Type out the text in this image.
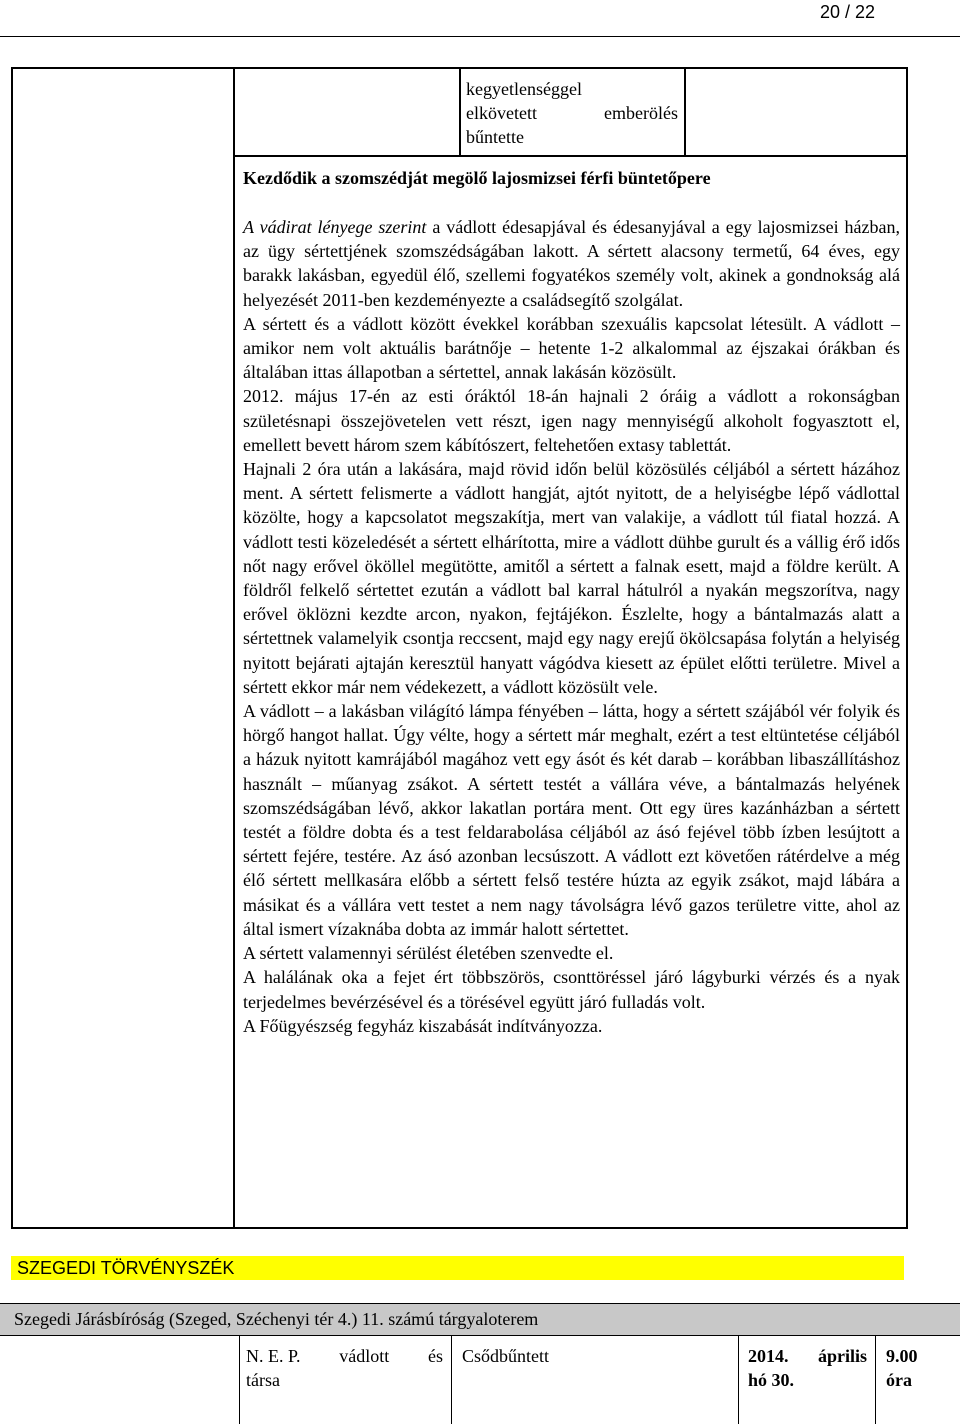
20 / 22
kegyetlenséggel
elkövetett	emberölés
bűntette
Kezdődik a szomszédját megölő lajosmizsei férfi büntetőpere

A vádirat lényege szerint a vádlott édesapjával és édesanyjával a egy lajosmizsei házban, az ügy sértettjének szomszédságában lakott. A sértett alacsony termetű, 64 éves, egy barakk lakásban, egyedül élő, szellemi fogyatékos személy volt, akinek a gondnokság alá helyezését 2011-ben kezdeményezte a családsegítő szolgálat.

A sértett és a vádlott között évekkel korábban szexuális kapcsolat létesült. A vádlott – amikor nem volt aktuális barátnője – hetente 1-2 alkalommal az éjszakai órákban és általában ittas állapotban a sértettel, annak lakásán közösült.

2012. május 17-én az esti óráktól 18-án hajnali 2 óráig a vádlott a rokonságban születésnapi összejövetelen vett részt, igen nagy mennyiségű alkoholt fogyasztott el, emellett bevett három szem kábítószert, feltehetően extasy tablettát.

Hajnali 2 óra után a lakására, majd rövid időn belül közösülés céljából a sértett házához ment. A sértett felismerte a vádlott hangját, ajtót nyitott, de a helyiségbe lépő vádlottal közölte, hogy a kapcsolatot megszakítja, mert van valakije, a vádlott túl fiatal hozzá. A vádlott testi közeledését a sértett elhárította, mire a vádlott dühbe gurult és a vállig érő idős nőt nagy erővel ököllel megütötte, amitől a sértett a falnak esett, majd a földre került. A földről felkelő sértettet ezután a vádlott bal karral hátulról a nyakán megszorítva, nagy erővel öklözni kezdte arcon, nyakon, fejtájékon. Észlelte, hogy a bántalmazás alatt a sértettnek valamelyik csontja reccsent, majd egy nagy erejű ökölcsapása folytán a helyiség nyitott bejárati ajtaján keresztül hanyatt vágódva kiesett az épület előtti területre. Mivel a sértett ekkor már nem védekezett, a vádlott közösült vele.

A vádlott – a lakásban világító lámpa fényében – látta, hogy a sértett szájából vér folyik és hörgő hangot hallat. Úgy vélte, hogy a sértett már meghalt, ezért a test eltüntetése céljából a házuk nyitott kamrájából magához vett egy ásót és két darab – korábban libaszállításhoz használt – műanyag zsákot. A sértett testét a vállára véve, a bántalmazás helyének szomszédságában lévő, akkor lakatlan portára ment. Ott egy üres kazánházban a sértett testét a földre dobta és a test feldarabolása céljából az ásó fejével több ízben lesújtott a sértett fejére, testére. Az ásó azonban lecsúszott. A vádlott ezt követően rátérdelve a még élő sértett mellkasára előbb a sértett felső testére húzta az egyik zsákot, majd lábára a másikat és a vállára vett testet a nem nagy távolságra lévő gazos területre vitte, ahol az által ismert vízaknába dobta az immár halott sértettet.

A sértett valamennyi sérülést életében szenvedte el.

A halálának oka a fejet ért többszörös, csonttöréssel járó lágyburki vérzés és a nyak terjedelmes bevérzésével és a törésével együtt járó fulladás volt.

A Főügyészség fegyház kiszabását indítványozza.

SZEGEDI TÖRVÉNYSZÉK
Szegedi Járásbíróság (Szeged, Széchenyi tér 4.) 11. számú tárgyaloterem
N. E. P. vádlott és
társa
Csődbűntett	2014. április
hó 30.
9.00
óra
